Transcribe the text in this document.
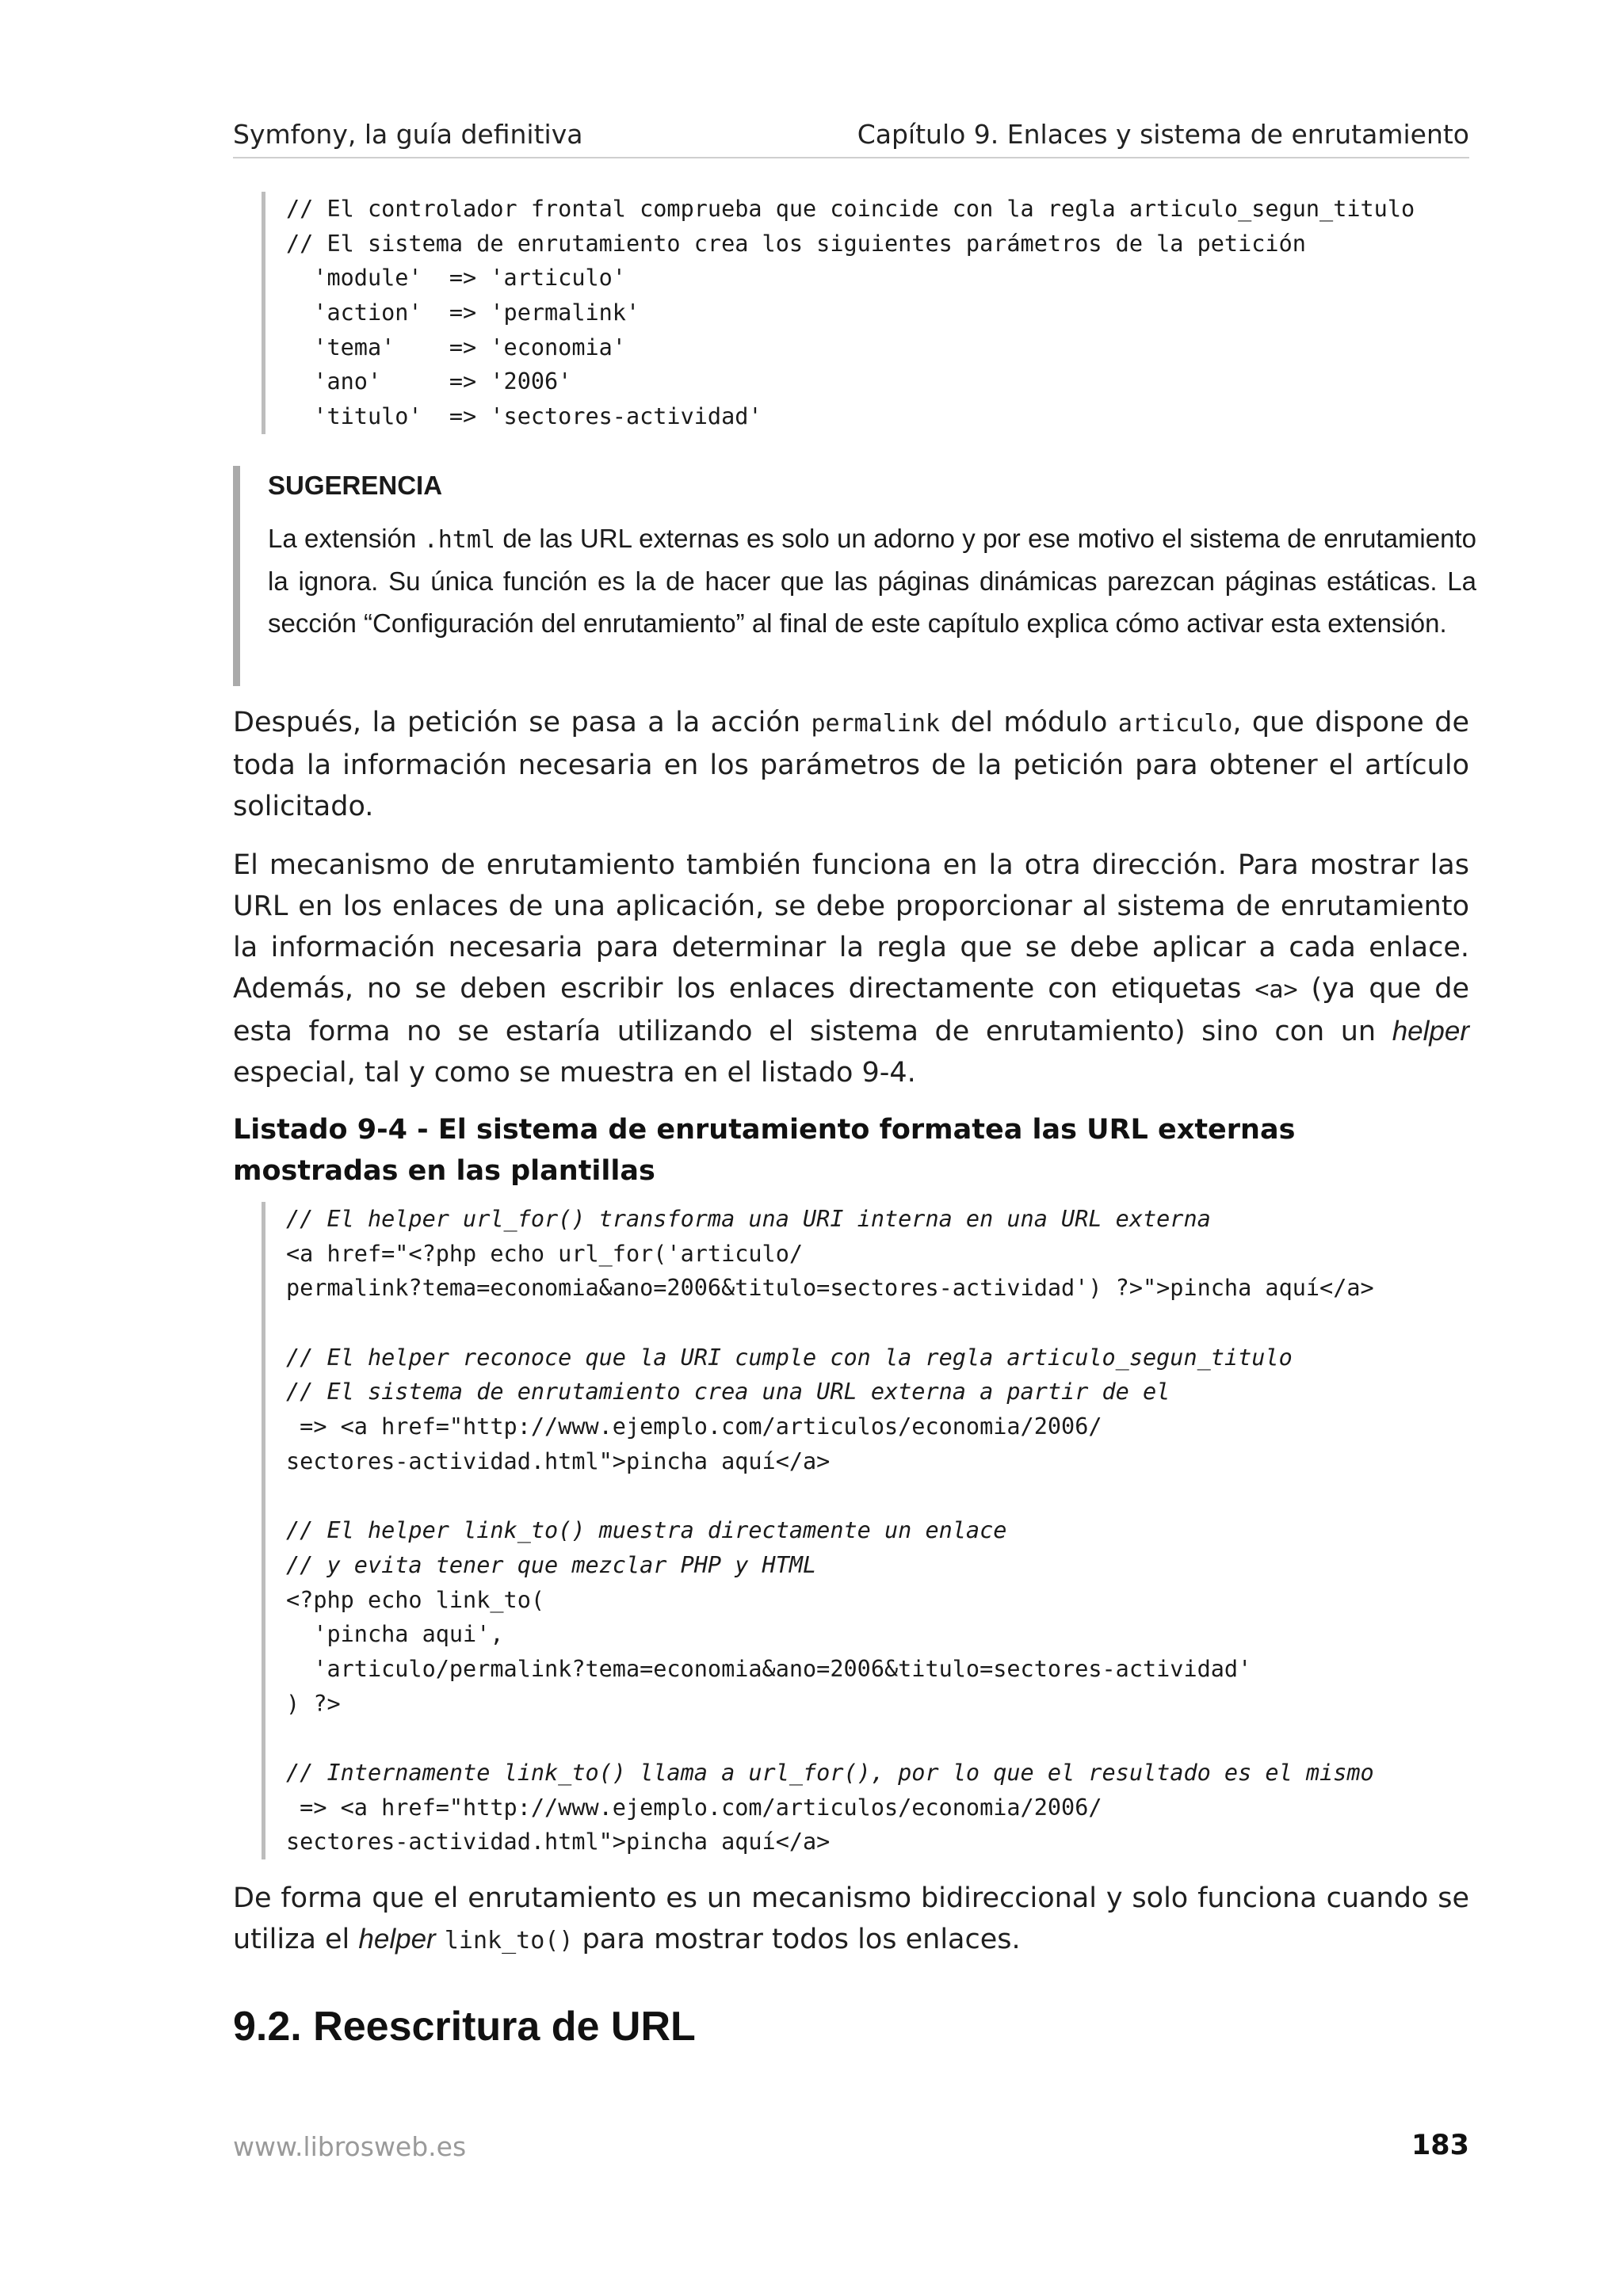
Symfony, la guía definitiva	Capítulo 9. Enlaces y sistema de enrutamiento
// El controlador frontal comprueba que coincide con la regla articulo_segun_titulo
// El sistema de enrutamiento crea los siguientes parámetros de la petición
'module'  => 'articulo'
'action'  => 'permalink'
'tema'    => 'economia'
'ano'     => '2006'
'titulo'  => 'sectores-actividad'
SUGERENCIA
La extensión .html de las URL externas es solo un adorno y por ese motivo el sistema de enrutamiento la ignora. Su única función es la de hacer que las páginas dinámicas parezcan páginas estáticas. La sección “Configuración del enrutamiento” al final de este capítulo explica cómo activar esta extensión.
Después, la petición se pasa a la acción permalink del módulo articulo, que dispone de toda la información necesaria en los parámetros de la petición para obtener el artículo solicitado.
El mecanismo de enrutamiento también funciona en la otra dirección. Para mostrar las URL en los enlaces de una aplicación, se debe proporcionar al sistema de enrutamiento la información necesaria para determinar la regla que se debe aplicar a cada enlace. Además, no se deben escribir los enlaces directamente con etiquetas <a> (ya que de esta forma no se estaría utilizando el sistema de enrutamiento) sino con un helper especial, tal y como se muestra en el listado 9-4.
Listado 9-4 - El sistema de enrutamiento formatea las URL externas mostradas en las plantillas
// El helper url_for() transforma una URI interna en una URL externa
<a href="<?php echo url_for('articulo/
permalink?tema=economia&ano=2006&titulo=sectores-actividad') ?>">pincha aquí</a>
// El helper reconoce que la URI cumple con la regla articulo_segun_titulo
// El sistema de enrutamiento crea una URL externa a partir de el
=> <a href="http://www.ejemplo.com/articulos/economia/2006/
sectores-actividad.html">pincha aquí</a>
// El helper link_to() muestra directamente un enlace
// y evita tener que mezclar PHP y HTML
<?php echo link_to(
'pincha aqui',
'articulo/permalink?tema=economia&ano=2006&titulo=sectores-actividad'
) ?>
// Internamente link_to() llama a url_for(), por lo que el resultado es el mismo
=> <a href="http://www.ejemplo.com/articulos/economia/2006/
sectores-actividad.html">pincha aquí</a>
De forma que el enrutamiento es un mecanismo bidireccional y solo funciona cuando se utiliza el helper link_to() para mostrar todos los enlaces.
9.2. Reescritura de URL
www.librosweb.es	183
